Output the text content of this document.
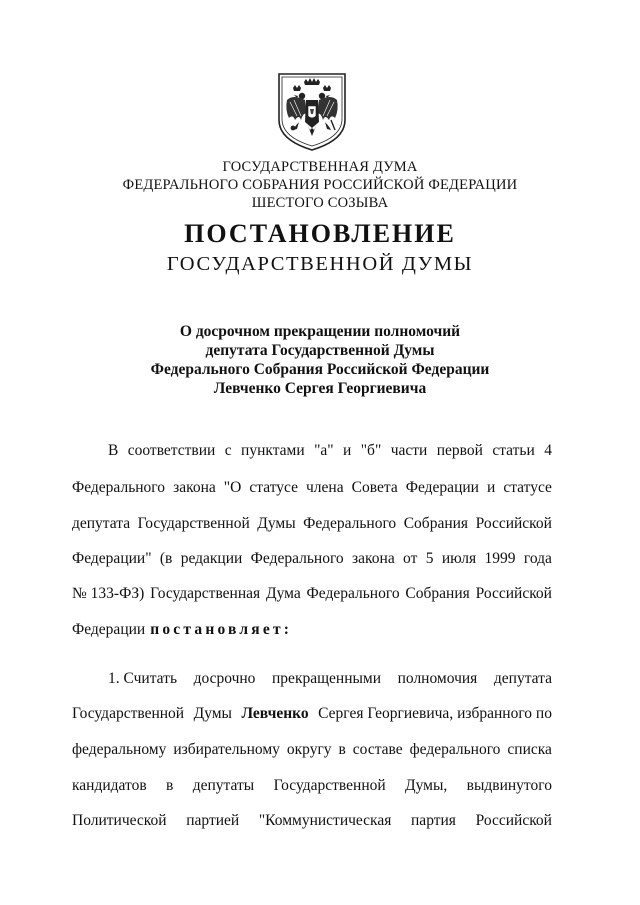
ГОСУДАРСТВЕННАЯ ДУМА
ФЕДЕРАЛЬНОГО СОБРАНИЯ РОССИЙСКОЙ ФЕДЕРАЦИИ
ШЕСТОГО СОЗЫВА
ПОСТАНОВЛЕНИЕ
ГОСУДАРСТВЕННОЙ ДУМЫ
О досрочном прекращении полномочий
депутата Государственной Думы
Федерального Собрания Российской Федерации
Левченко Сергея Георгиевича
В соответствии с пунктами "а" и "б" части первой статьи 4
Федерального закона "О статусе члена Совета Федерации и статусе
депутата Государственной Думы Федерального Собрания Российской
Федерации" (в редакции Федерального закона от 5 июля 1999 года
№ 133-ФЗ) Государственная Дума Федерального Собрания Российской
Федерации постановляет:
1. Считать досрочно прекращенными полномочия депутата
Государственной Думы Левченко Сергея Георгиевича, избранного по
федеральному избирательному округу в составе федерального списка
кандидатов в депутаты Государственной Думы, выдвинутого
Политической партией "Коммунистическая партия Российской
